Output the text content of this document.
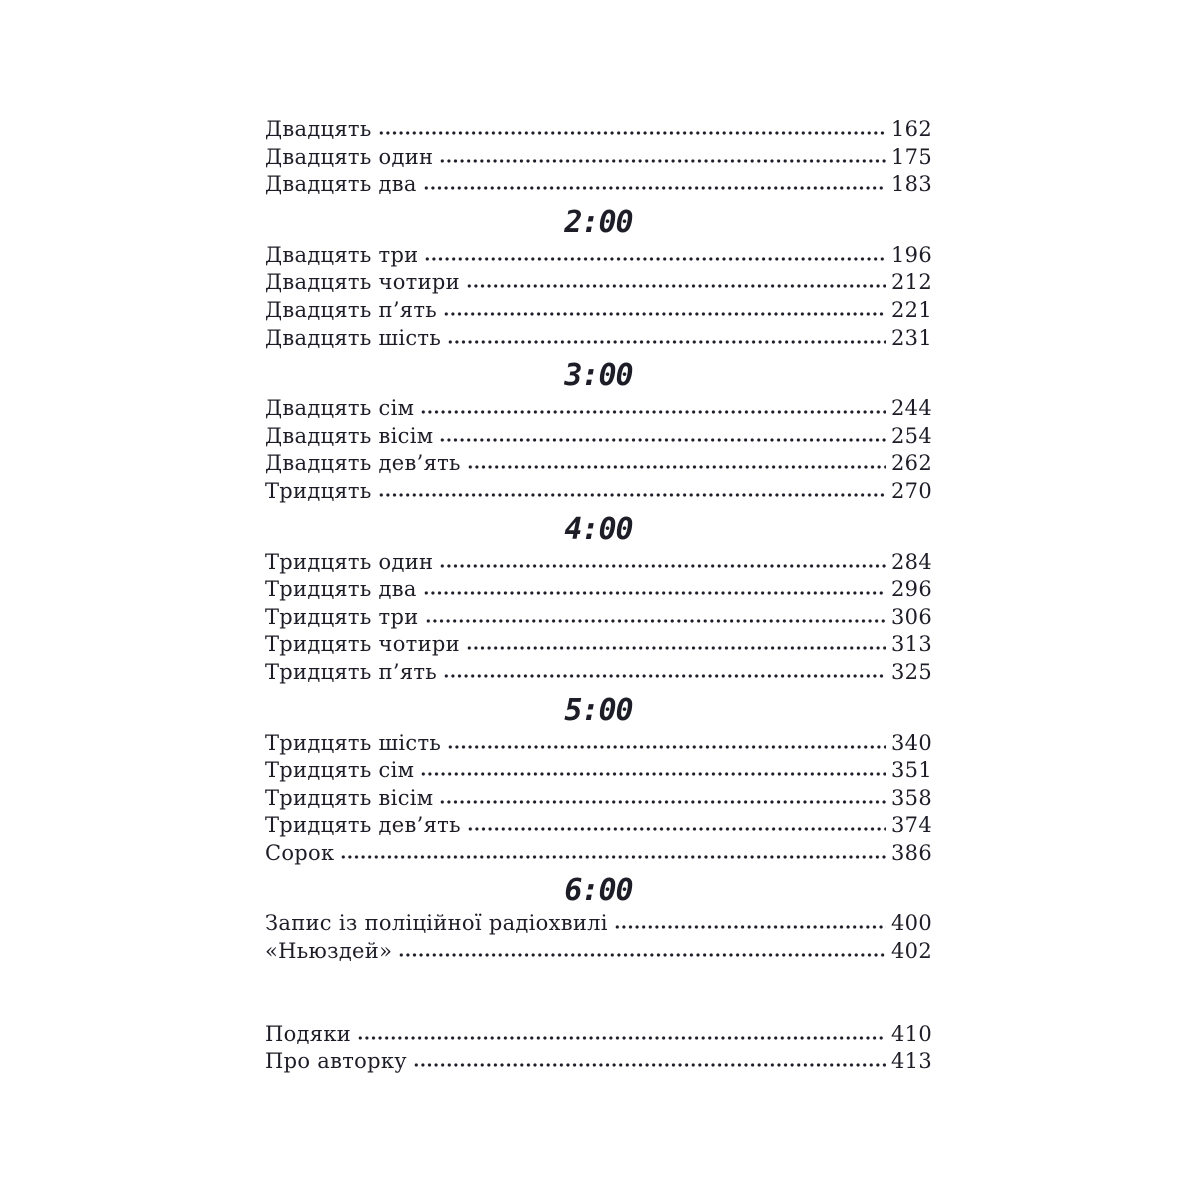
Двадцять	162
Двадцять один	175
Двадцять два	183
2:00
Двадцять три	196
Двадцять чотири	212
Двадцять п’ять	221
Двадцять шість	231
3:00
Двадцять сім	244
Двадцять вісім	254
Двадцять дев’ять	262
Тридцять	270
4:00
Тридцять один	284
Тридцять два	296
Тридцять три	306
Тридцять чотири	313
Тридцять п’ять	325
5:00
Тридцять шість	340
Тридцять сім	351
Тридцять вісім	358
Тридцять дев’ять	374
Сорок	386
6:00
Запис із поліційної радіохвилі	400
«Ньюздей»	402
Подяки	410
Про авторку	413
